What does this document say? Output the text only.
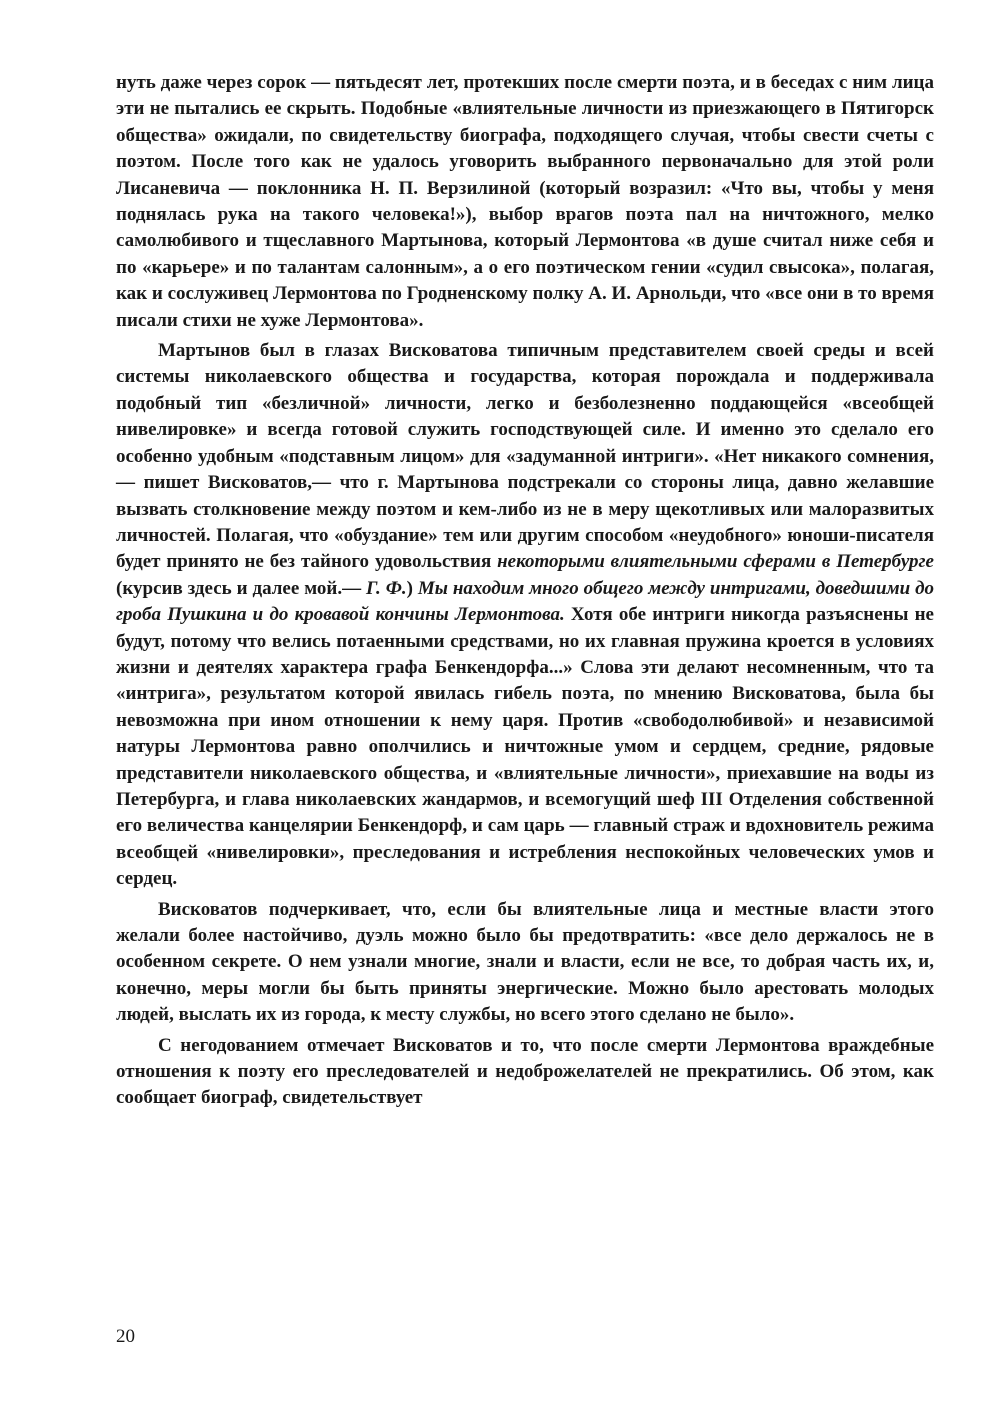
нуть даже через сорок — пятьдесят лет, протекших после смерти поэта, и в беседах с ним лица эти не пытались ее скрыть. Подобные «влиятельные личности из приезжающего в Пятигорск общества» ожидали, по свидетельству биографа, подходящего случая, чтобы свести счеты с поэтом. После того как не удалось уговорить выбранного первоначально для этой роли Лисаневича — поклонника Н. П. Верзилиной (который возразил: «Что вы, чтобы у меня поднялась рука на такого человека!»), выбор врагов поэта пал на ничтожного, мелко самолюбивого и тщеславного Мартынова, который Лермонтова «в душе считал ниже себя и по «карьере» и по талантам салонным», а о его поэтическом гении «судил свысока», полагая, как и сослуживец Лермонтова по Гродненскому полку А. И. Арнольди, что «все они в то время писали стихи не хуже Лермонтова».

Мартынов был в глазах Висковатова типичным представителем своей среды и всей системы николаевского общества и государства, которая порождала и поддерживала подобный тип «безличной» личности, легко и безболезненно поддающейся «всеобщей нивелировке» и всегда готовой служить господствующей силе. И именно это сделало его особенно удобным «подставным лицом» для «задуманной интриги». «Нет никакого сомнения,— пишет Висковатов,— что г. Мартынова подстрекали со стороны лица, давно желавшие вызвать столкновение между поэтом и кем-либо из не в меру щекотливых или малоразвитых личностей. Полагая, что «обуздание» тем или другим способом «неудобного» юноши-писателя будет принято не без тайного удовольствия некоторыми влиятельными сферами в Петербурге (курсив здесь и далее мой.— Г. Ф.) Мы находим много общего между интригами, доведшими до гроба Пушкина и до кровавой кончины Лермонтова. Хотя обе интриги никогда разъяснены не будут, потому что велись потаенными средствами, но их главная пружина кроется в условиях жизни и деятелях характера графа Бенкендорфа...» Слова эти делают несомненным, что та «интрига», результатом которой явилась гибель поэта, по мнению Висковатова, была бы невозможна при ином отношении к нему царя. Против «свободолюбивой» и независимой натуры Лермонтова равно ополчились и ничтожные умом и сердцем, средние, рядовые представители николаевского общества, и «влиятельные личности», приехавшие на воды из Петербурга, и глава николаевских жандармов, и всемогущий шеф III Отделения собственной его величества канцелярии Бенкендорф, и сам царь — главный страж и вдохновитель режима всеобщей «нивелировки», преследования и истребления неспокойных человеческих умов и сердец.

Висковатов подчеркивает, что, если бы влиятельные лица и местные власти этого желали более настойчиво, дуэль можно было бы предотвратить: «все дело держалось не в особенном секрете. О нем узнали многие, знали и власти, если не все, то добрая часть их, и, конечно, меры могли бы быть приняты энергические. Можно было арестовать молодых людей, выслать их из города, к месту службы, но всего этого сделано не было».

С негодованием отмечает Висковатов и то, что после смерти Лермонтова враждебные отношения к поэту его преследователей и недоброжелателей не прекратились. Об этом, как сообщает биограф, свидетельствует

20
